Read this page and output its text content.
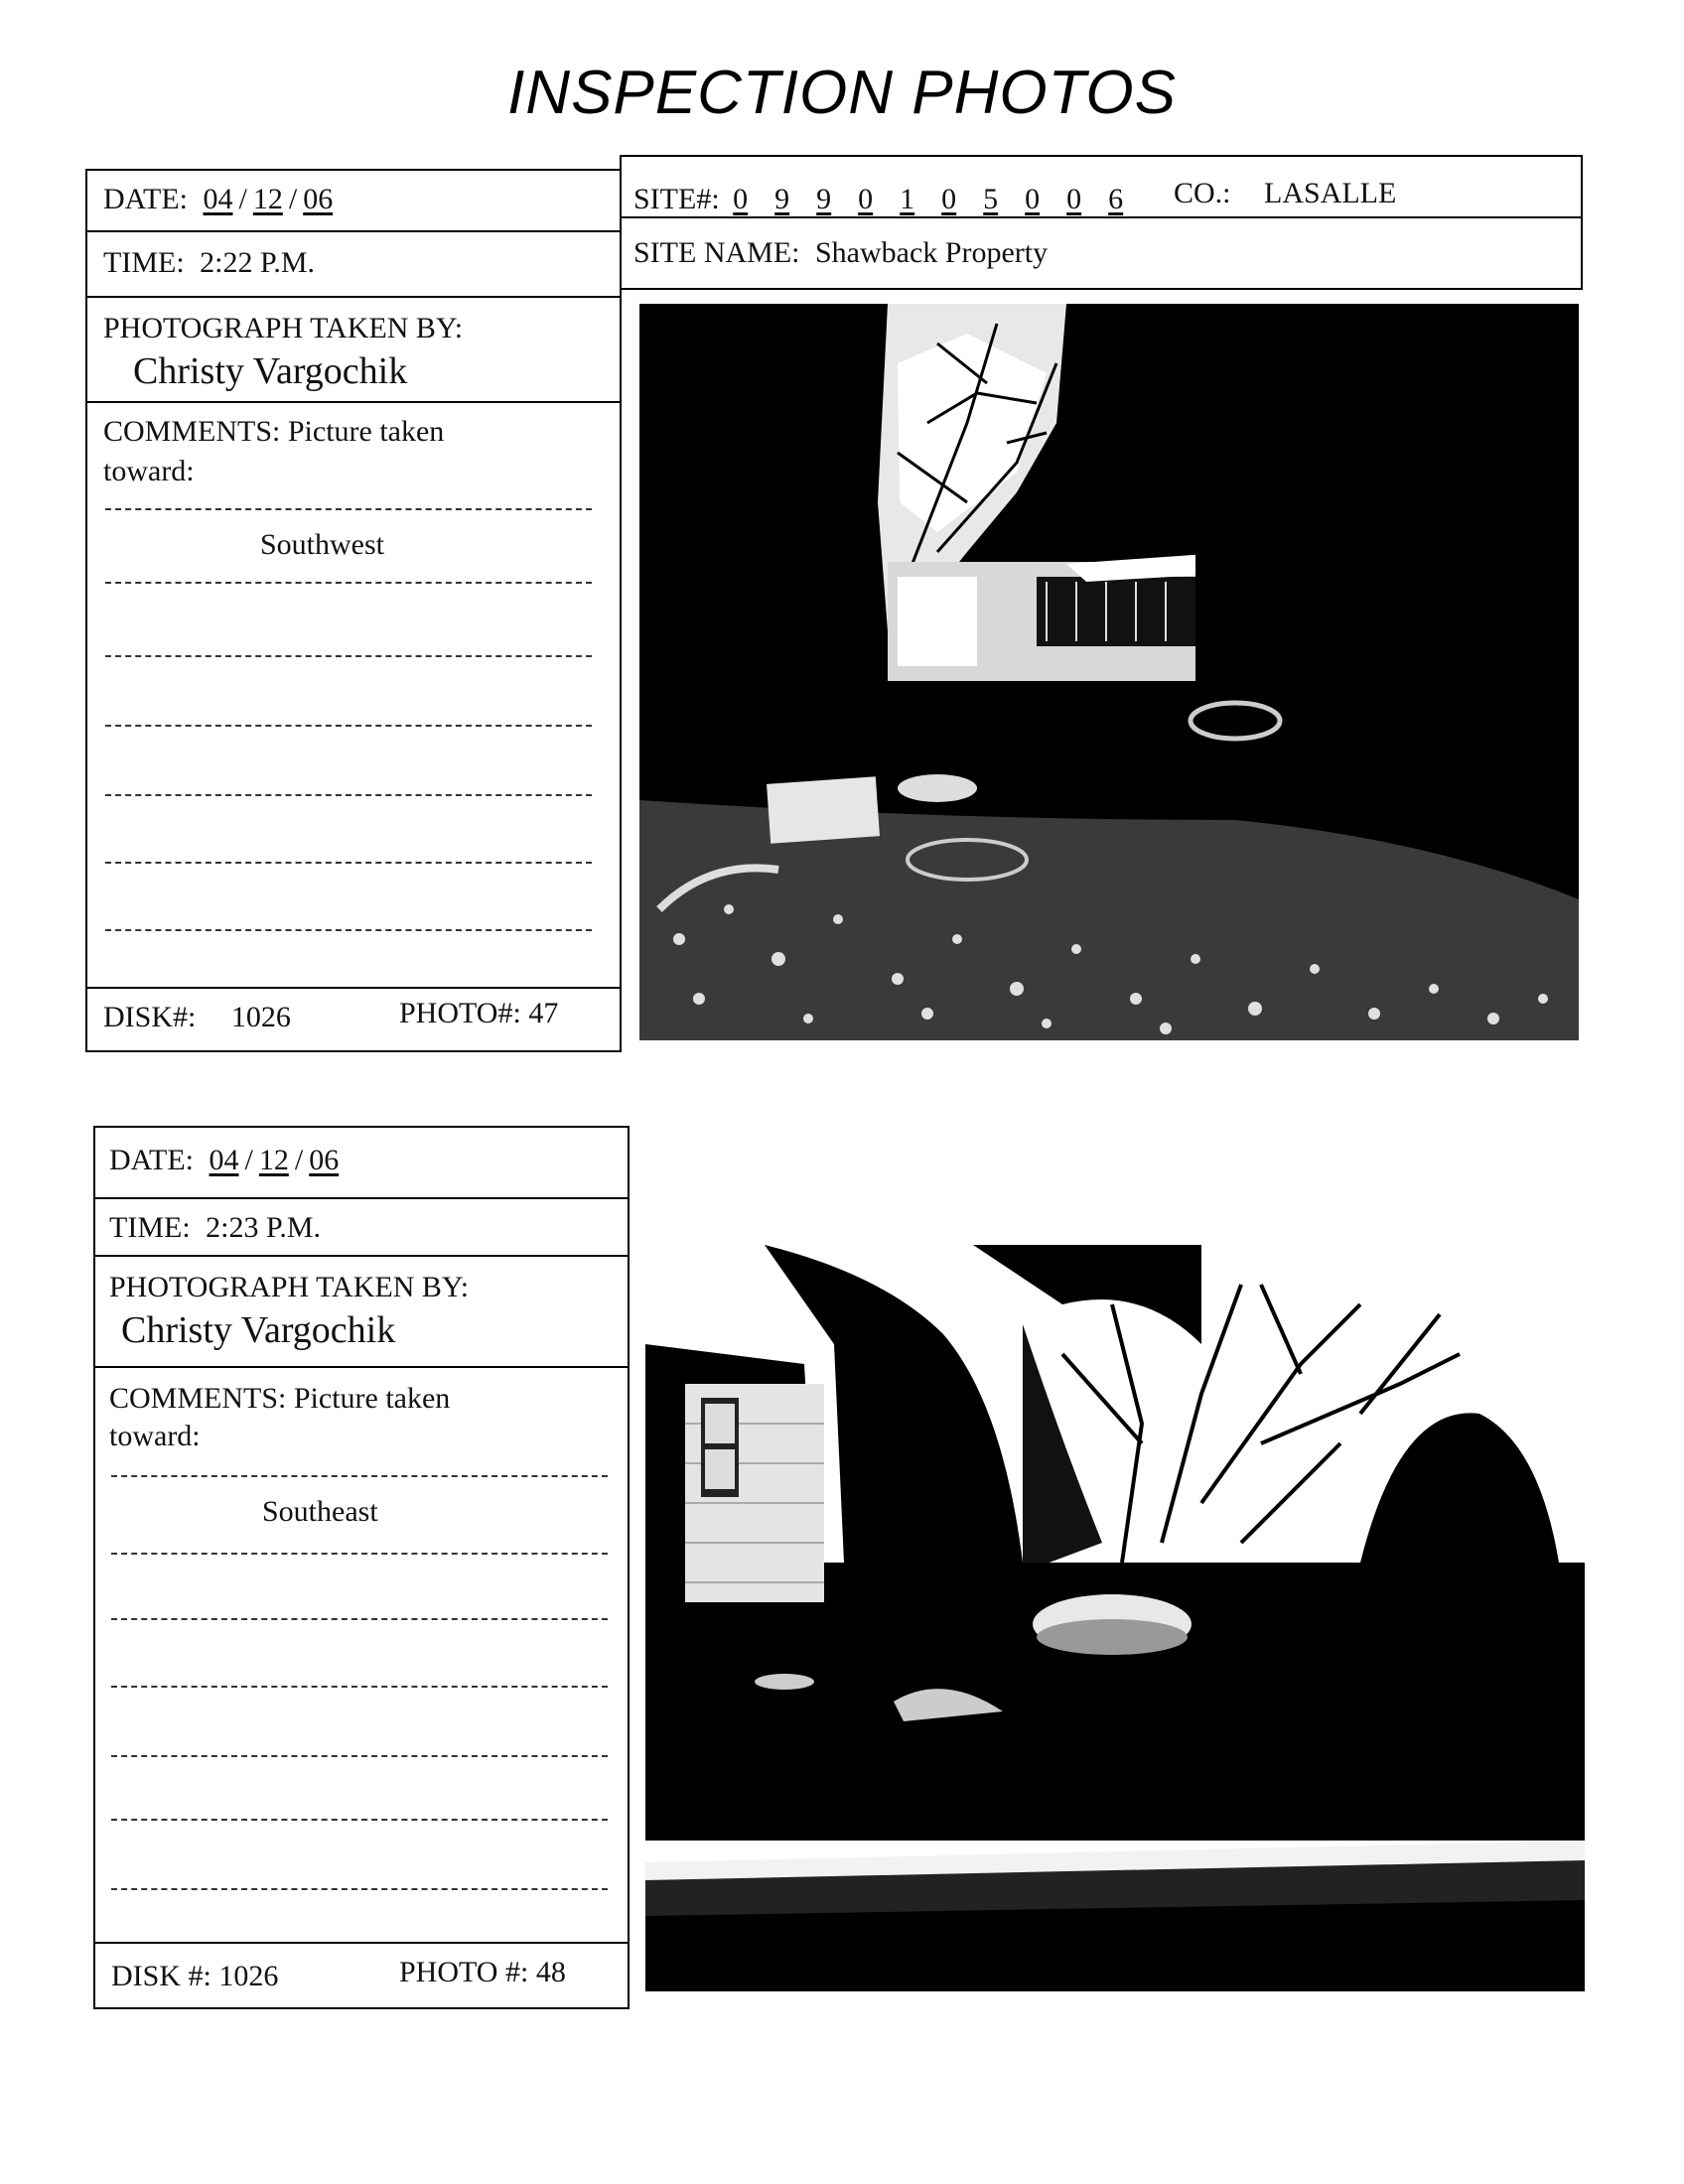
INSPECTION PHOTOS
DATE: 04 / 12 / 06
TIME: 2:22 P.M.
PHOTOGRAPH TAKEN BY:
Christy Vargochik
COMMENTS: Picture taken
toward:
Southwest
DISK#: 1026	PHOTO#: 47
SITE#: 0 9 9 0 1 0 5 0 0 6	CO.: LASALLE
SITE NAME: Shawback Property
DATE: 04 / 12 / 06
TIME: 2:23 P.M.
PHOTOGRAPH TAKEN BY:
Christy Vargochik
COMMENTS: Picture taken
toward:
Southeast
DISK #: 1026	PHOTO #: 48
